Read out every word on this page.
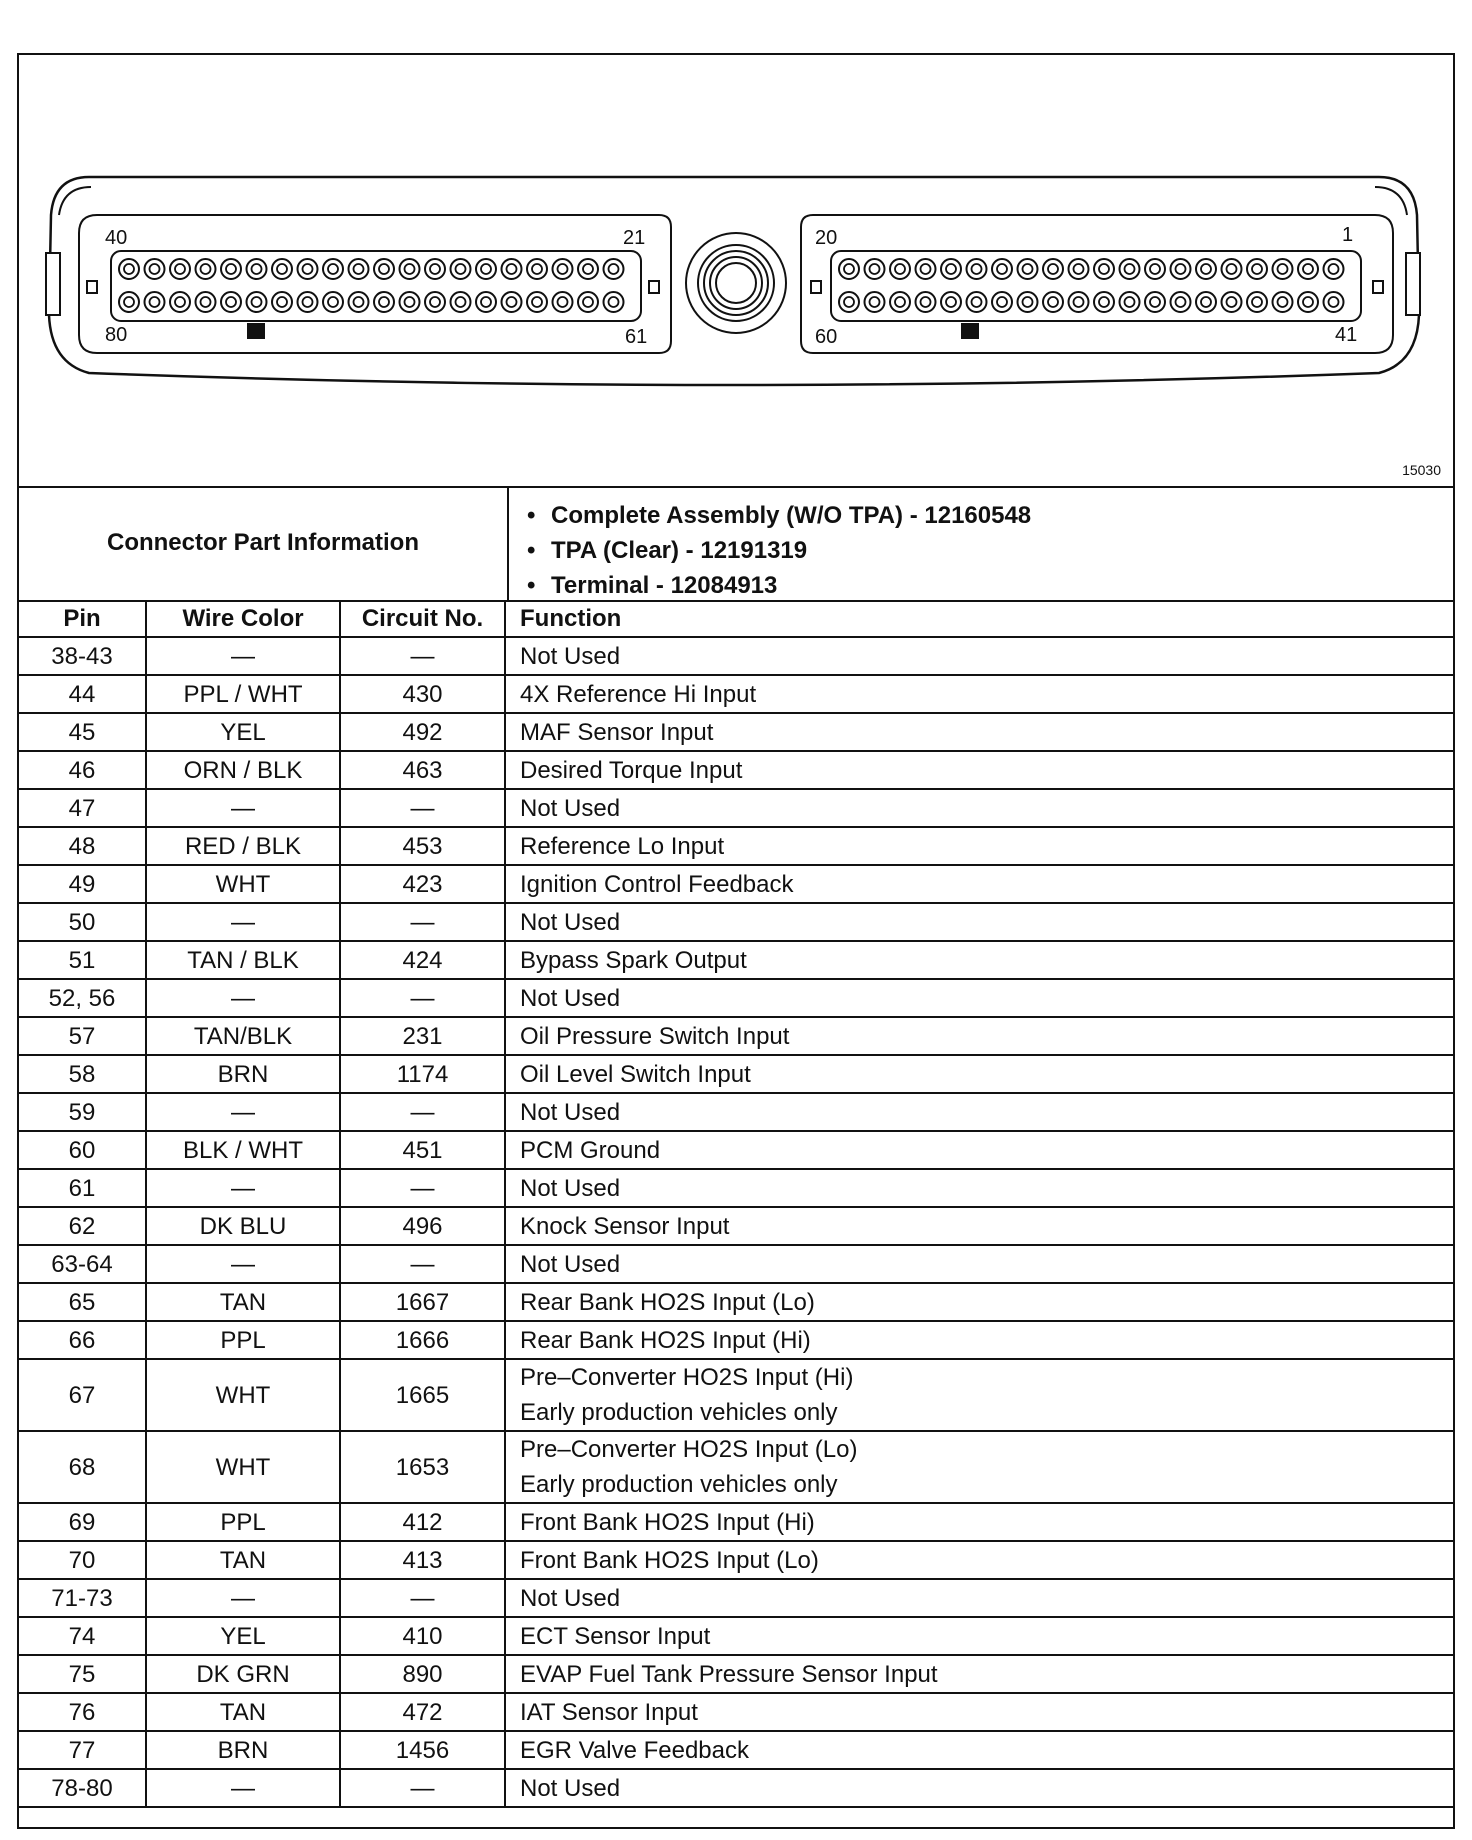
40	21
80	61
20	1
60	41
15030
Connector Part Information
• Complete Assembly (W/O TPA) - 12160548
• TPA (Clear) - 12191319
• Terminal - 12084913
Pin	Wire Color	Circuit No.	Function
38-43	—	—	Not Used

44	PPL / WHT	430	4X Reference Hi Input

45	YEL	492	MAF Sensor Input

46	ORN / BLK	463	Desired Torque Input

47	—	—	Not Used

48	RED / BLK	453	Reference Lo Input

49	WHT	423	Ignition Control Feedback

50	—	—	Not Used

51	TAN / BLK	424	Bypass Spark Output

52, 56	—	—	Not Used

57	TAN/BLK	231	Oil Pressure Switch Input

58	BRN	1174	Oil Level Switch Input

59	—	—	Not Used

60	BLK / WHT	451	PCM Ground

61	—	—	Not Used

62	DK BLU	496	Knock Sensor Input

63-64	—	—	Not Used

65	TAN	1667	Rear Bank HO2S Input (Lo)

66	PPL	1666	Rear Bank HO2S Input (Hi)

67	WHT	1665	Pre–Converter HO2S Input (Hi)
Early production vehicles only

68	WHT	1653	Pre–Converter HO2S Input (Lo)
Early production vehicles only

69	PPL	412	Front Bank HO2S Input (Hi)

70	TAN	413	Front Bank HO2S Input (Lo)

71-73	—	—	Not Used

74	YEL	410	ECT Sensor Input

75	DK GRN	890	EVAP Fuel Tank Pressure Sensor Input

76	TAN	472	IAT Sensor Input

77	BRN	1456	EGR Valve Feedback

78-80	—	—	Not Used
